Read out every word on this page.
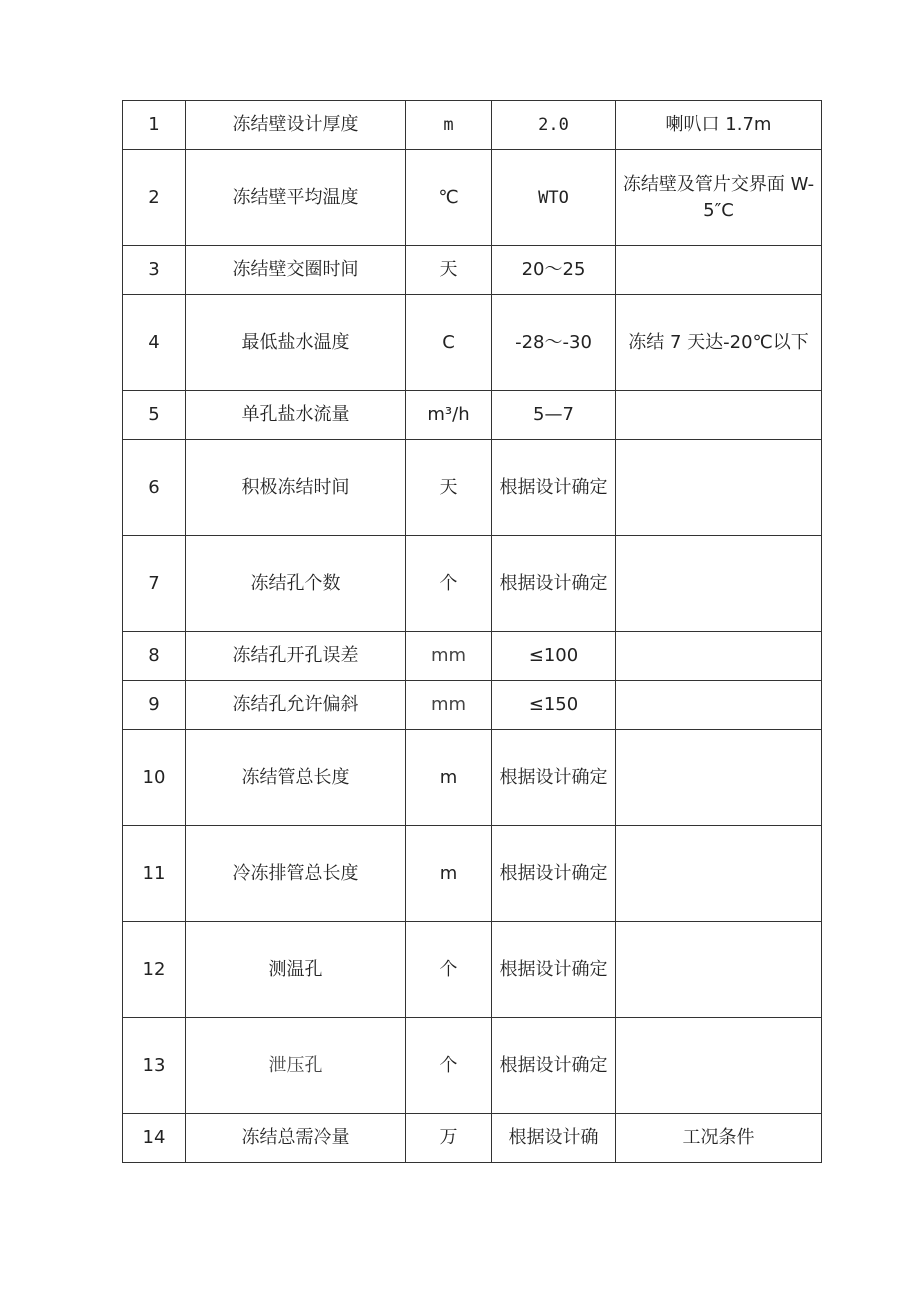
1	冻结壁设计厚度	m	2.0	喇叭口 1.7m
2	冻结壁平均温度	℃	WTO	冻结壁及管片交界面 W-5″C
3	冻结壁交圈时间	天	20～25	
4	最低盐水温度	C	-28～-30	冻结 7 天达-20℃以下
5	单孔盐水流量	m³/h	5—7	
6	积极冻结时间	天	根据设计确定	
7	冻结孔个数	个	根据设计确定	
8	冻结孔开孔误差	mm	≤100	
9	冻结孔允许偏斜	mm	≤150	
10	冻结管总长度	m	根据设计确定	
11	冷冻排管总长度	m	根据设计确定	
12	测温孔	个	根据设计确定	
13	泄压孔	个	根据设计确定	
14	冻结总需冷量	万	根据设计确	工况条件
